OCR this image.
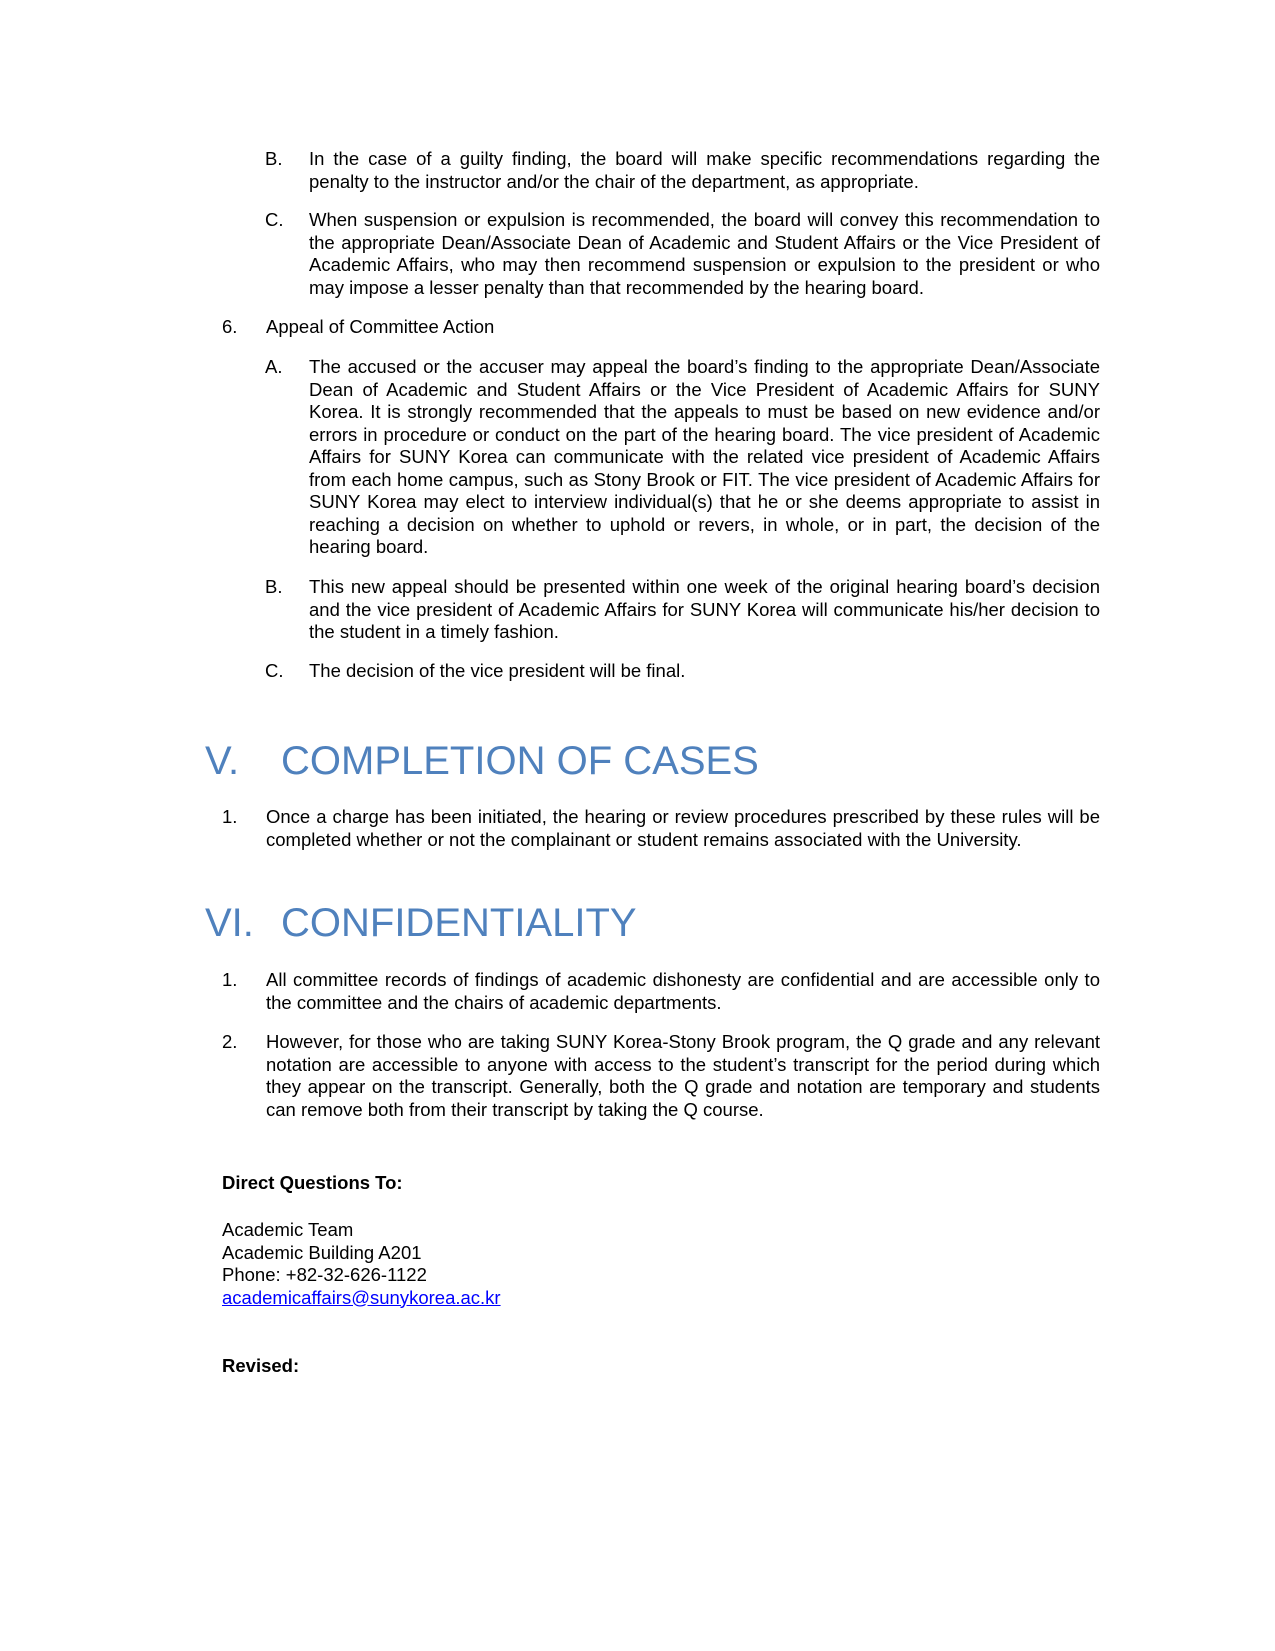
B.	In the case of a guilty finding, the board will make specific recommendations regarding the penalty to the instructor and/or the chair of the department, as appropriate.
C.	When suspension or expulsion is recommended, the board will convey this recommendation to the appropriate Dean/Associate Dean of Academic and Student Affairs or the Vice President of Academic Affairs, who may then recommend suspension or expulsion to the president or who may impose a lesser penalty than that recommended by the hearing board.
6.	Appeal of Committee Action
A.	The accused or the accuser may appeal the board’s finding to the appropriate Dean/Associate Dean of Academic and Student Affairs or the Vice President of Academic Affairs for SUNY Korea. It is strongly recommended that the appeals to must be based on new evidence and/or errors in procedure or conduct on the part of the hearing board. The vice president of Academic Affairs for SUNY Korea can communicate with the related vice president of Academic Affairs from each home campus, such as Stony Brook or FIT. The vice president of Academic Affairs for SUNY Korea may elect to interview individual(s) that he or she deems appropriate to assist in reaching a decision on whether to uphold or revers, in whole, or in part, the decision of the hearing board.
B.	This new appeal should be presented within one week of the original hearing board’s decision and the vice president of Academic Affairs for SUNY Korea will communicate his/her decision to the student in a timely fashion.
C.	The decision of the vice president will be final.
V.	COMPLETION OF CASES
1.	Once a charge has been initiated, the hearing or review procedures prescribed by these rules will be completed whether or not the complainant or student remains associated with the University.
VI. CONFIDENTIALITY
1.	All committee records of findings of academic dishonesty are confidential and are accessible only to the committee and the chairs of academic departments.
2.	However, for those who are taking SUNY Korea-Stony Brook program, the Q grade and any relevant notation are accessible to anyone with access to the student’s transcript for the period during which they appear on the transcript. Generally, both the Q grade and notation are temporary and students can remove both from their transcript by taking the Q course.
Direct Questions To:
Academic Team
Academic Building A201
Phone: +82-32-626-1122
academicaffairs@sunykorea.ac.kr
Revised:
